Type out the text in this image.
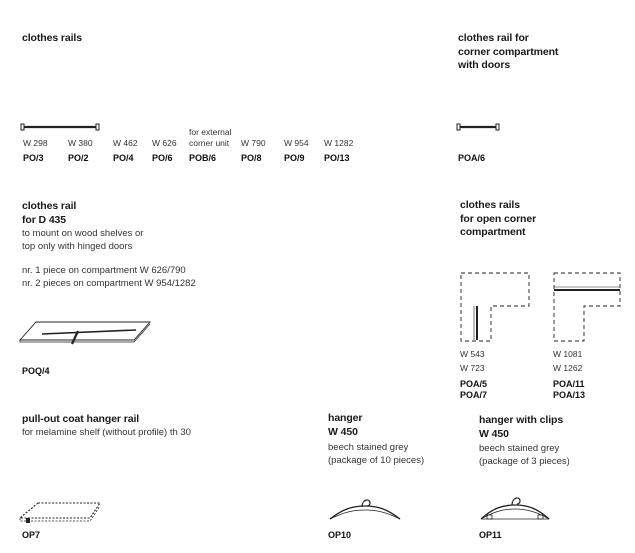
clothes rails
W 298
PO/3
W 380
PO/2
W 462
PO/4
W 626
PO/6
for external
corner unit
POB/6
W 790
PO/8
W 954
PO/9
W 1282
PO/13
clothes rail for
corner compartment
with doors
POA/6
clothes rail
for D 435
to mount on wood shelves or
top only with hinged doors
nr. 1 piece on compartment W 626/790
nr. 2 pieces on compartment W 954/1282
POQ/4
clothes rails
for open corner
compartment
W 543
W 723
POA/5
POA/7
W 1081
W 1262
POA/11
POA/13
pull-out coat hanger rail
for melamine shelf (without profile) th 30
OP7
hanger
W 450
beech stained grey
(package of 10 pieces)
OP10
hanger with clips
W 450
beech stained grey
(package of 3 pieces)
OP11
